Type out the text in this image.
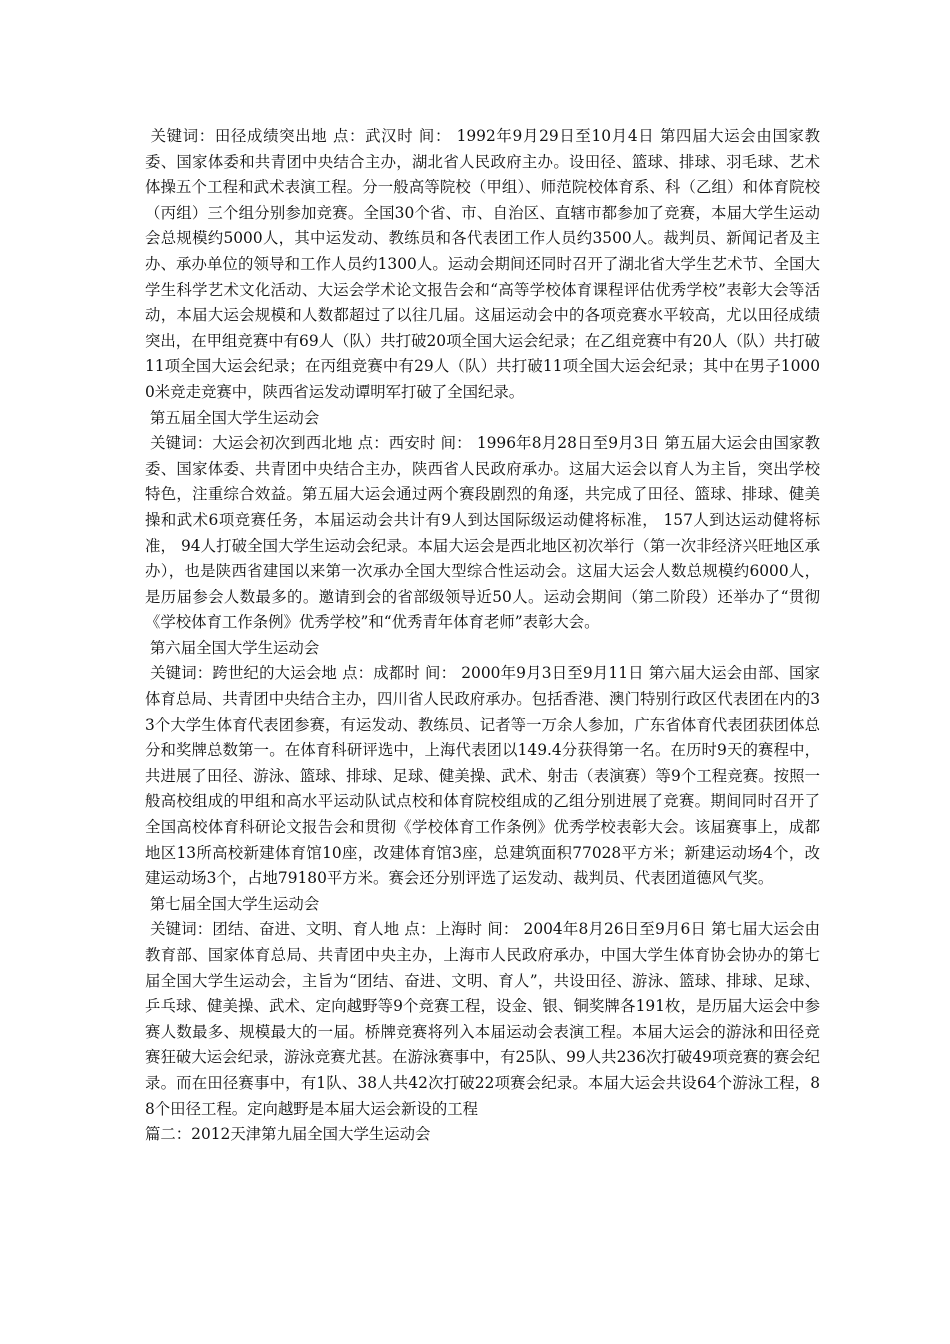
关键词：田径成绩突出地 点：武汉时 间： 1992年9月29日至10月4日 第四届大运会由国家教委、国家体委和共青团中央结合主办，湖北省人民政府主办。设田径、篮球、排球、羽毛球、艺术体操五个工程和武术表演工程。分一般高等院校（甲组）、师范院校体育系、科（乙组）和体育院校（丙组）三个组分别参加竞赛。全国30个省、市、自治区、直辖市都参加了竞赛，本届大学生运动会总规模约5000人，其中运发动、教练员和各代表团工作人员约3500人。裁判员、新闻记者及主办、承办单位的领导和工作人员约1300人。运动会期间还同时召开了湖北省大学生艺术节、全国大学生科学艺术文化活动、大运会学术论文报告会和“高等学校体育课程评估优秀学校”表彰大会等活动，本届大运会规模和人数都超过了以往几届。这届运动会中的各项竞赛水平较高，尤以田径成绩突出，在甲组竞赛中有69人（队）共打破20项全国大运会纪录；在乙组竞赛中有20人（队）共打破11项全国大运会纪录；在丙组竞赛中有29人（队）共打破11项全国大运会纪录；其中在男子10000米竞走竞赛中，陕西省运发动谭明军打破了全国纪录。

第五届全国大学生运动会

关键词：大运会初次到西北地 点：西安时 间： 1996年8月28日至9月3日 第五届大运会由国家教委、国家体委、共青团中央结合主办，陕西省人民政府承办。这届大运会以育人为主旨，突出学校特色，注重综合效益。第五届大运会通过两个赛段剧烈的角逐，共完成了田径、篮球、排球、健美操和武术6项竞赛任务，本届运动会共计有9人到达国际级运动健将标准， 157人到达运动健将标准， 94人打破全国大学生运动会纪录。本届大运会是西北地区初次举行（第一次非经济兴旺地区承办），也是陕西省建国以来第一次承办全国大型综合性运动会。这届大运会人数总规模约6000人，是历届参会人数最多的。邀请到会的省部级领导近50人。运动会期间（第二阶段）还举办了“贯彻《学校体育工作条例》优秀学校”和“优秀青年体育老师”表彰大会。

第六届全国大学生运动会

关键词：跨世纪的大运会地 点：成都时 间： 2000年9月3日至9月11日 第六届大运会由部、国家体育总局、共青团中央结合主办，四川省人民政府承办。包括香港、澳门特别行政区代表团在内的33个大学生体育代表团参赛，有运发动、教练员、记者等一万余人参加，广东省体育代表团获团体总分和奖牌总数第一。在体育科研评选中，上海代表团以149.4分获得第一名。在历时9天的赛程中，共进展了田径、游泳、篮球、排球、足球、健美操、武术、射击（表演赛）等9个工程竞赛。按照一般高校组成的甲组和高水平运动队试点校和体育院校组成的乙组分别进展了竞赛。期间同时召开了全国高校体育科研论文报告会和贯彻《学校体育工作条例》优秀学校表彰大会。该届赛事上，成都地区13所高校新建体育馆10座，改建体育馆3座，总建筑面积77028平方米；新建运动场4个，改建运动场3个，占地79180平方米。赛会还分别评选了运发动、裁判员、代表团道德风气奖。

第七届全国大学生运动会

关键词：团结、奋进、文明、育人地 点：上海时 间： 2004年8月26日至9月6日 第七届大运会由教育部、国家体育总局、共青团中央主办，上海市人民政府承办，中国大学生体育协会协办的第七届全国大学生运动会，主旨为“团结、奋进、文明、育人”，共设田径、游泳、篮球、排球、足球、乒乓球、健美操、武术、定向越野等9个竞赛工程，设金、银、铜奖牌各191枚，是历届大运会中参赛人数最多、规模最大的一届。桥牌竞赛将列入本届运动会表演工程。本届大运会的游泳和田径竞赛狂破大运会纪录，游泳竞赛尤甚。在游泳赛事中，有25队、99人共236次打破49项竞赛的赛会纪录。而在田径赛事中，有1队、38人共42次打破22项赛会纪录。本届大运会共设64个游泳工程，88个田径工程。定向越野是本届大运会新设的工程

篇二：2012天津第九届全国大学生运动会
